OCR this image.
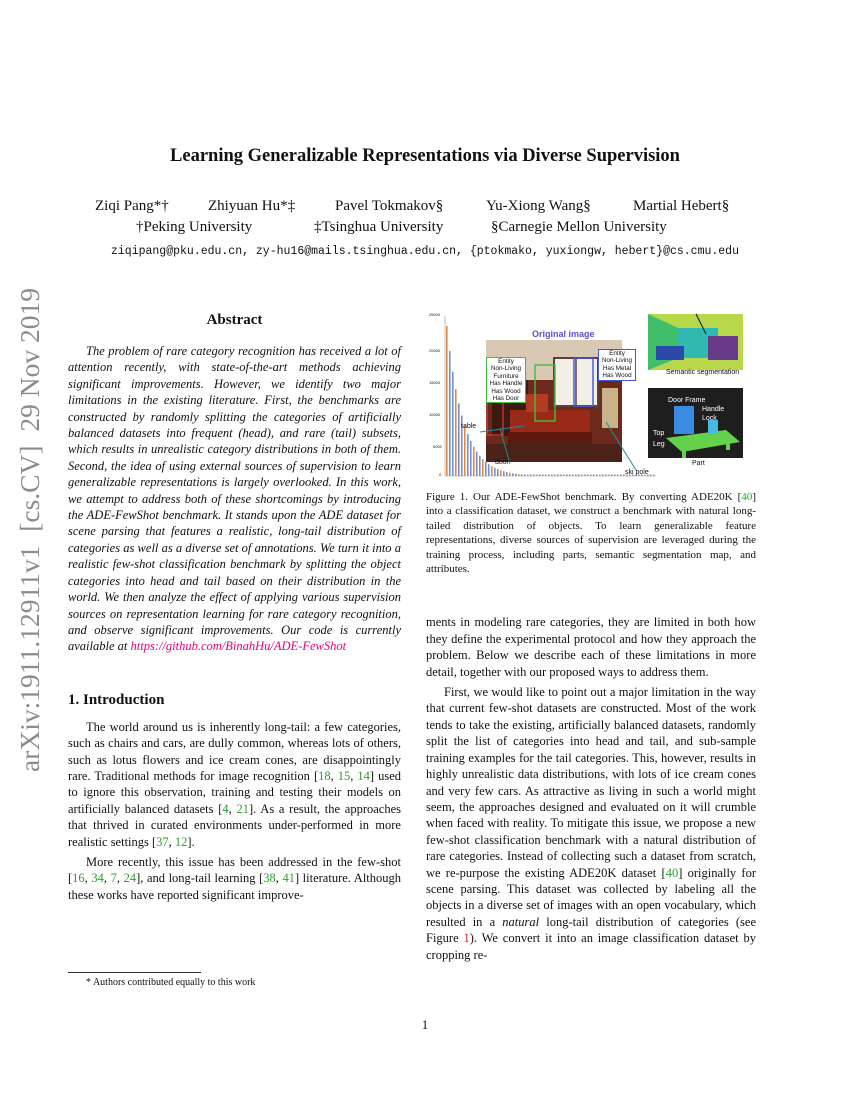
arXiv:1911.12911v1  [cs.CV]  29 Nov 2019
Learning Generalizable Representations via Diverse Supervision
Ziqi Pang*†	Zhiyuan Hu*‡	Pavel Tokmakov§	Yu-Xiong Wang§	Martial Hebert§
†Peking University	‡Tsinghua University	§Carnegie Mellon University
ziqipang@pku.edu.cn, zy-hu16@mails.tsinghua.edu.cn, {ptokmako, yuxiongw, hebert}@cs.cmu.edu
Abstract

The problem of rare category recognition has received a lot of attention recently, with state-of-the-art methods achieving significant improvements. However, we identify two major limitations in the existing literature. First, the benchmarks are constructed by randomly splitting the categories of artificially balanced datasets into frequent (head), and rare (tail) subsets, which results in unrealistic category distributions in both of them. Second, the idea of using external sources of supervision to learn generalizable representations is largely overlooked. In this work, we attempt to address both of these shortcomings by introducing the ADE-FewShot benchmark. It stands upon the ADE dataset for scene parsing that features a realistic, long-tail distribution of categories as well as a diverse set of annotations. We turn it into a realistic few-shot classification benchmark by splitting the object categories into head and tail based on their distribution in the world. We then analyze the effect of applying various supervision sources on representation learning for rare category recognition, and observe significant improvements. Our code is currently available at https://github.com/BinahHu/ADE-FewShot

1. Introduction

The world around us is inherently long-tail: a few categories, such as chairs and cars, are dully common, whereas lots of others, such as lotus flowers and ice cream cones, are disappointingly rare. Traditional methods for image recognition [18, 15, 14] used to ignore this observation, training and testing their models on artificially balanced datasets [4, 21]. As a result, the approaches that thrived in curated environments under-performed in more realistic settings [37, 12].

More recently, this issue has been addressed in the few-shot [16, 34, 7, 24], and long-tail learning [38, 41] literature. Although these works have reported significant improve-

* Authors contributed equally to this work
Original image
Entity
Non-Living
Furniture
Has Handle
Has Wood
Has Door
Entity
Non-Living
Has Metal
Has Wood
table
door
ski pole
Semantic segmentation
Door Frame
Handle
Lock
Top
Leg
Part
25000
20000
15000
10000
5000
0

Figure 1. Our ADE-FewShot benchmark. By converting ADE20K [40] into a classification dataset, we construct a benchmark with natural long-tailed distribution of objects. To learn generalizable feature representations, diverse sources of supervision are leveraged during the training process, including parts, semantic segmentation map, and attributes.

ments in modeling rare categories, they are limited in both how they define the experimental protocol and how they approach the problem. Below we describe each of these limitations in more detail, together with our proposed ways to address them.

First, we would like to point out a major limitation in the way that current few-shot datasets are constructed. Most of the work tends to take the existing, artificially balanced datasets, randomly split the list of categories into head and tail, and sub-sample training examples for the tail categories. This, however, results in highly unrealistic data distributions, with lots of ice cream cones and very few cars. As attractive as living in such a world might seem, the approaches designed and evaluated on it will crumble when faced with reality. To mitigate this issue, we propose a new few-shot classification benchmark with a natural distribution of rare categories. Instead of collecting such a dataset from scratch, we re-purpose the existing ADE20K dataset [40] originally for scene parsing. This dataset was collected by labeling all the objects in a diverse set of images with an open vocabulary, which resulted in a natural long-tail distribution of categories (see Figure 1). We convert it into an image classification dataset by cropping re-

1
